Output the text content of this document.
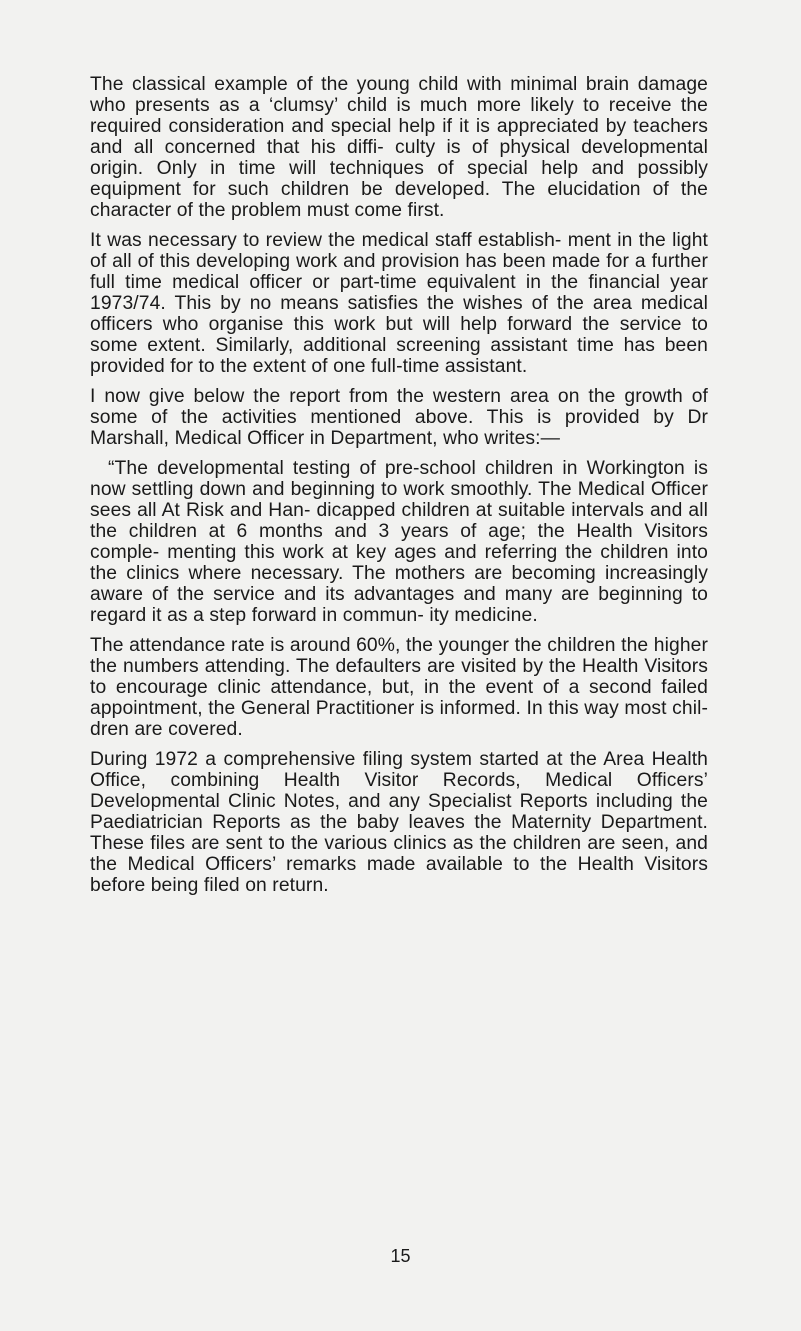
The classical example of the young child with minimal brain damage who presents as a ‘clumsy’ child is much more likely to receive the required consideration and special help if it is appreciated by teachers and all concerned that his diffi- culty is of physical developmental origin. Only in time will techniques of special help and possibly equipment for such children be developed. The elucidation of the character of the problem must come first.

It was necessary to review the medical staff establish- ment in the light of all of this developing work and provision has been made for a further full time medical officer or part-time equivalent in the financial year 1973/74. This by no means satisfies the wishes of the area medical officers who organise this work but will help forward the service to some extent. Similarly, additional screening assistant time has been provided for to the extent of one full-time assistant.

I now give below the report from the western area on the growth of some of the activities mentioned above. This is provided by Dr Marshall, Medical Officer in Department, who writes:—

“The developmental testing of pre-school children in Workington is now settling down and beginning to work smoothly. The Medical Officer sees all At Risk and Han- dicapped children at suitable intervals and all the children at 6 months and 3 years of age; the Health Visitors comple- menting this work at key ages and referring the children into the clinics where necessary. The mothers are becoming increasingly aware of the service and its advantages and many are beginning to regard it as a step forward in commun- ity medicine.

The attendance rate is around 60%, the younger the children the higher the numbers attending. The defaulters are visited by the Health Visitors to encourage clinic attendance, but, in the event of a second failed appointment, the General Practitioner is informed. In this way most chil- dren are covered.

During 1972 a comprehensive filing system started at the Area Health Office, combining Health Visitor Records, Medical Officers’ Developmental Clinic Notes, and any Specialist Reports including the Paediatrician Reports as the baby leaves the Maternity Department. These files are sent to the various clinics as the children are seen, and the Medical Officers’ remarks made available to the Health Visitors before being filed on return.

15
